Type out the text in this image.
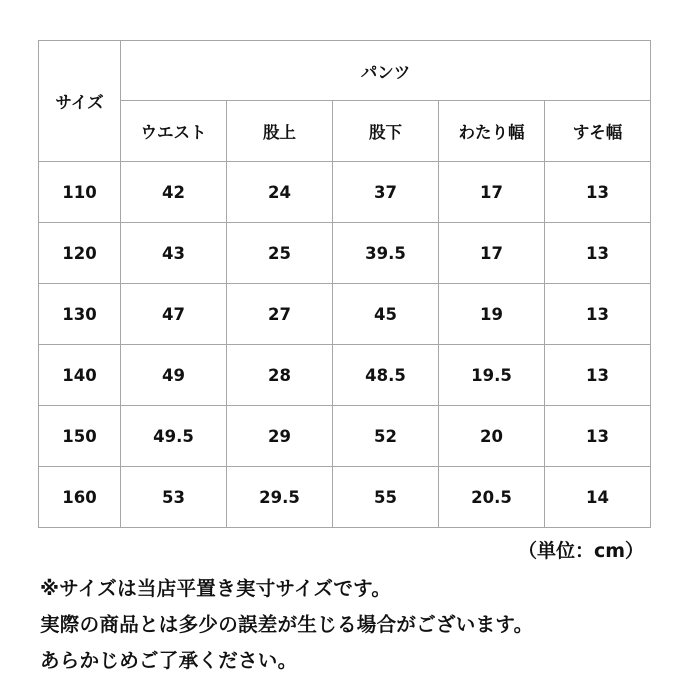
サイズ	パンツ				
	ウエスト	股上	股下	わたり幅	すそ幅
110	42	24	37	17	13
120	43	25	39.5	17	13
130	47	27	45	19	13
140	49	28	48.5	19.5	13
150	49.5	29	52	20	13
160	53	29.5	55	20.5	14
（単位：cm）
※サイズは当店平置き実寸サイズです。
実際の商品とは多少の誤差が生じる場合がございます。
あらかじめご了承ください。
